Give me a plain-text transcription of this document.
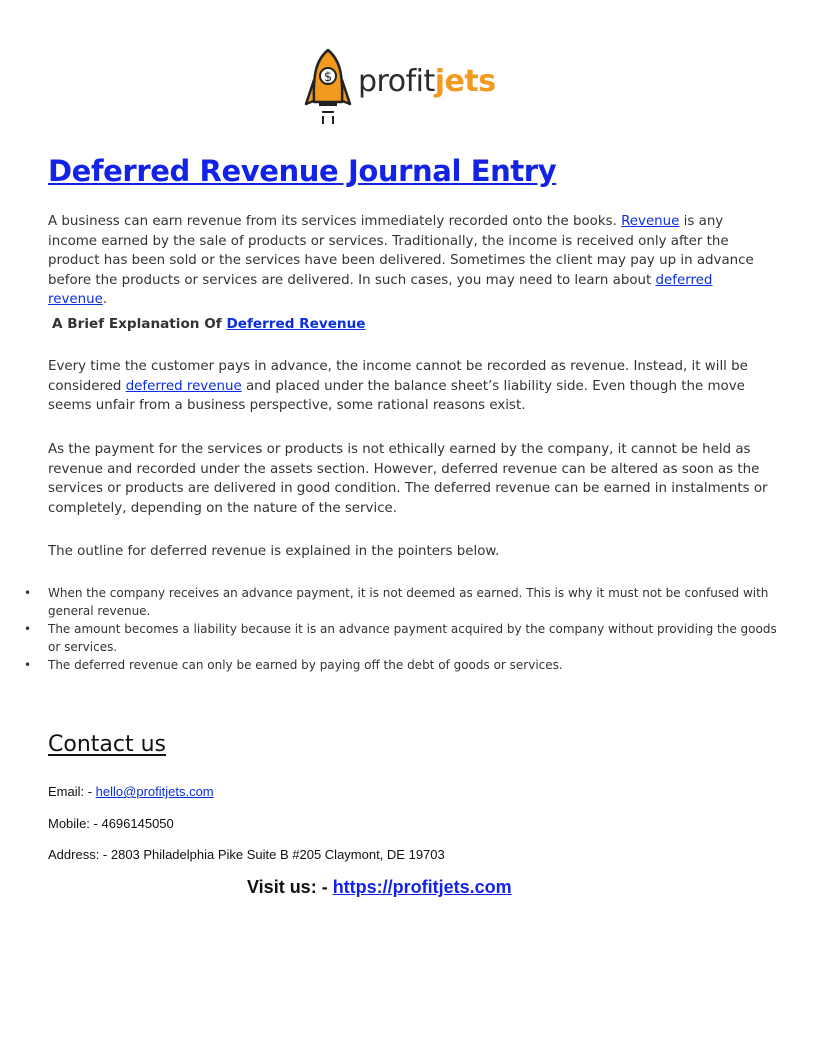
$ profitjets
Deferred Revenue Journal Entry

A business can earn revenue from its services immediately recorded onto the books. Revenue is any income earned by the sale of products or services. Traditionally, the income is received only after the product has been sold or the services have been delivered. Sometimes the client may pay up in advance before the products or services are delivered. In such cases, you may need to learn about deferred revenue.

A Brief Explanation Of Deferred Revenue

Every time the customer pays in advance, the income cannot be recorded as revenue. Instead, it will be considered deferred revenue and placed under the balance sheet’s liability side. Even though the move seems unfair from a business perspective, some rational reasons exist.

As the payment for the services or products is not ethically earned by the company, it cannot be held as revenue and recorded under the assets section. However, deferred revenue can be altered as soon as the services or products are delivered in good condition. The deferred revenue can be earned in instalments or completely, depending on the nature of the service.

The outline for deferred revenue is explained in the pointers below.

• When the company receives an advance payment, it is not deemed as earned. This is why it must not be confused with general revenue.
• The amount becomes a liability because it is an advance payment acquired by the company without providing the goods or services.
• The deferred revenue can only be earned by paying off the debt of goods or services.
Contact us

Email: - hello@profitjets.com

Mobile: - 4696145050

Address: - 2803 Philadelphia Pike Suite B #205 Claymont, DE 19703

Visit us: - https://profitjets.com
